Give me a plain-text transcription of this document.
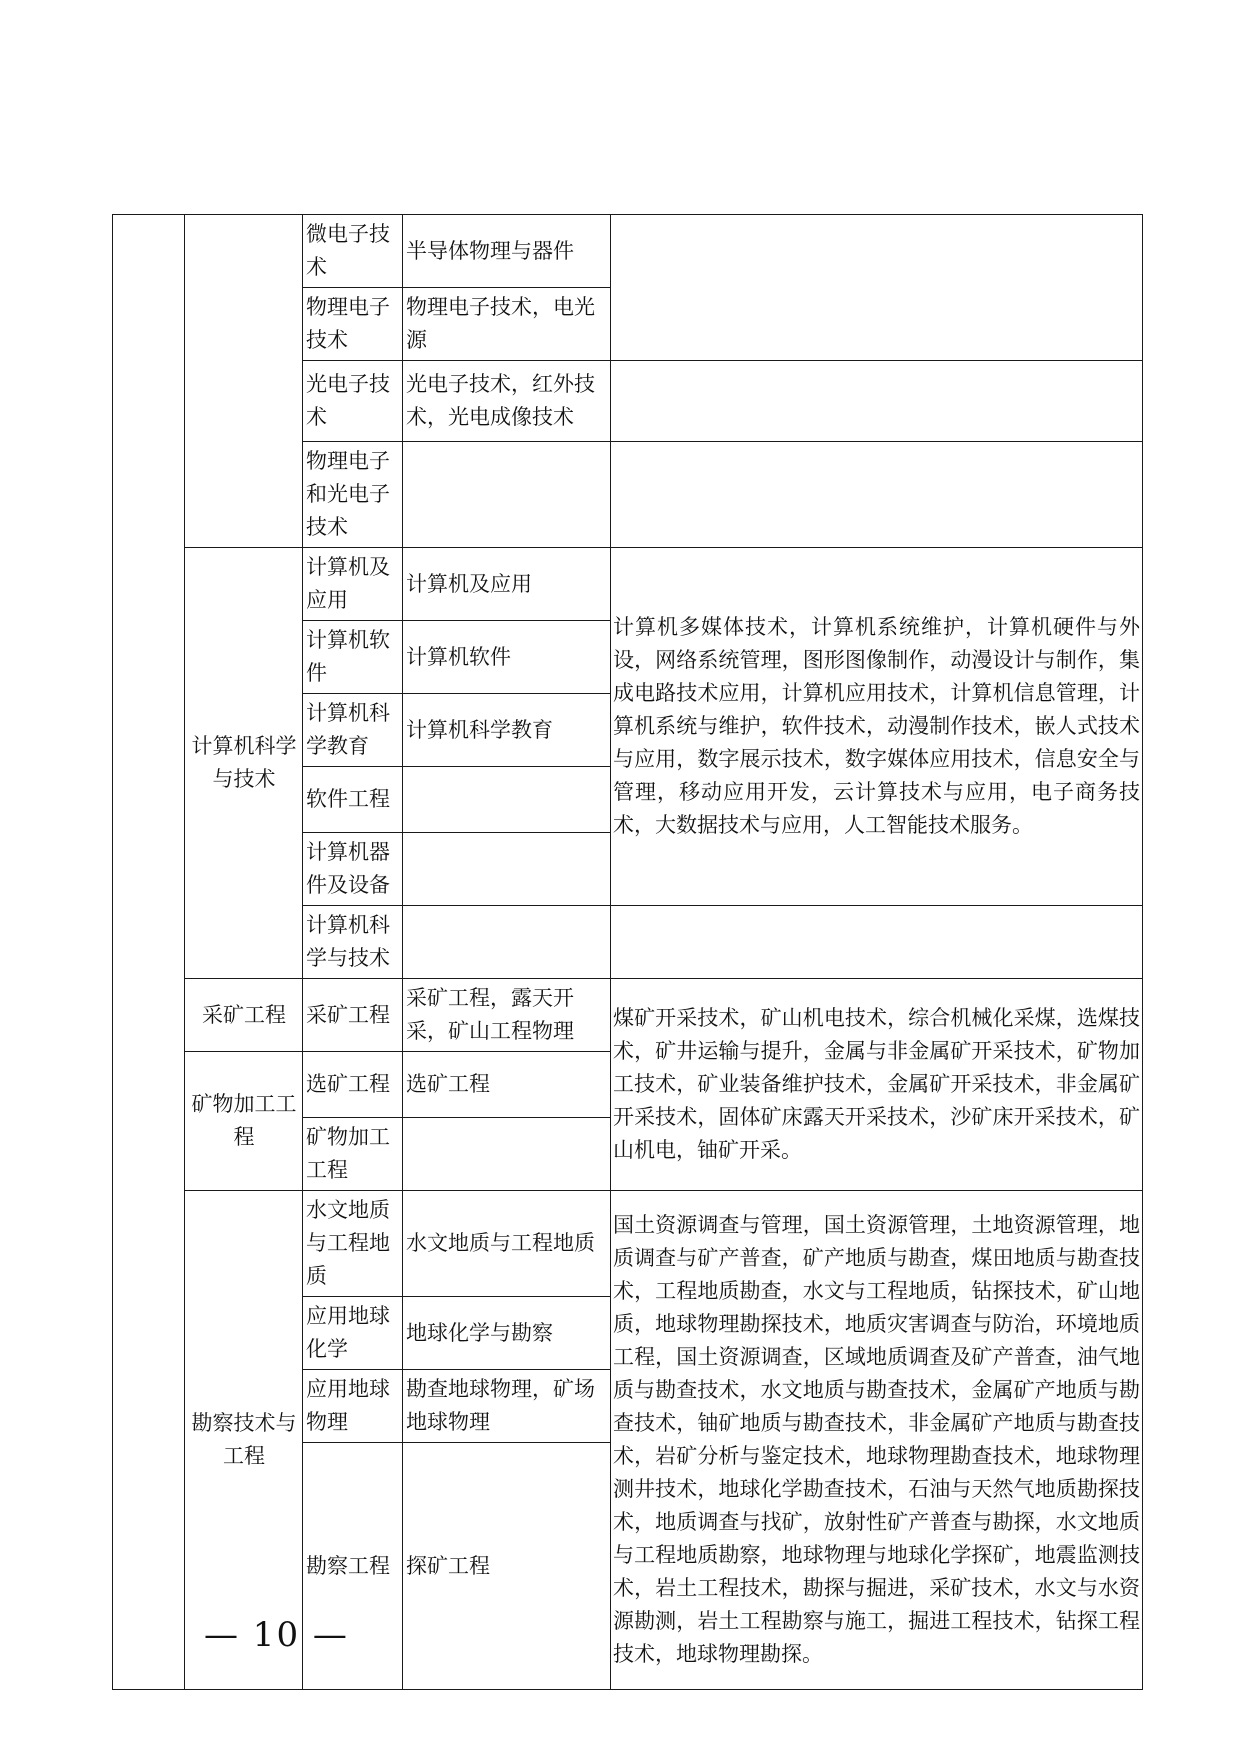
		微电子技术	半导体物理与器件	
		物理电子技术	物理电子技术，电光源	
		光电子技术	光电子技术，红外技术，光电成像技术	
		物理电子和光电子技术		
	计算机科学与技术	计算机及应用	计算机及应用	计算机多媒体技术，计算机系统维护，计算机硬件与外设，网络系统管理，图形图像制作，动漫设计与制作，集成电路技术应用，计算机应用技术，计算机信息管理，计算机系统与维护，软件技术，动漫制作技术，嵌人式技术与应用，数字展示技术，数字媒体应用技术，信息安全与管理，移动应用开发，云计算技术与应用，电子商务技术，大数据技术与应用，人工智能技术服务。
		计算机软件	计算机软件	
		计算机科学教育	计算机科学教育	
		软件工程		
		计算机器件及设备		
		计算机科学与技术		
	采矿工程	采矿工程	采矿工程，露天开采，矿山工程物理	煤矿开采技术，矿山机电技术，综合机械化采煤，选煤技术，矿井运输与提升，金属与非金属矿开采技术，矿物加工技术，矿业装备维护技术，金属矿开采技术，非金属矿开采技术，固体矿床露天开采技术，沙矿床开采技术，矿山机电，铀矿开采。
	矿物加工工程	选矿工程	选矿工程	
		矿物加工工程		
	勘察技术与工程	水文地质与工程地质	水文地质与工程地质	国土资源调查与管理，国土资源管理，土地资源管理，地质调查与矿产普查，矿产地质与勘查，煤田地质与勘查技术，工程地质勘查，水文与工程地质，钻探技术，矿山地质，地球物理勘探技术，地质灾害调查与防治，环境地质工程，国土资源调查，区域地质调查及矿产普查，油气地质与勘查技术，水文地质与勘查技术，金属矿产地质与勘查技术，铀矿地质与勘查技术，非金属矿产地质与勘查技术，岩矿分析与鉴定技术，地球物理勘查技术，地球物理测井技术，地球化学勘查技术，石油与天然气地质勘探技术，地质调查与找矿，放射性矿产普查与勘探，水文地质与工程地质勘察，地球物理与地球化学探矿，地震监测技术，岩土工程技术，勘探与掘进，采矿技术，水文与水资源勘测，岩土工程勘察与施工，掘进工程技术，钻探工程技术，地球物理勘探。
		应用地球化学	地球化学与勘察	
		应用地球物理	勘查地球物理，矿场地球物理	
		勘察工程	探矿工程	
— 10 —
